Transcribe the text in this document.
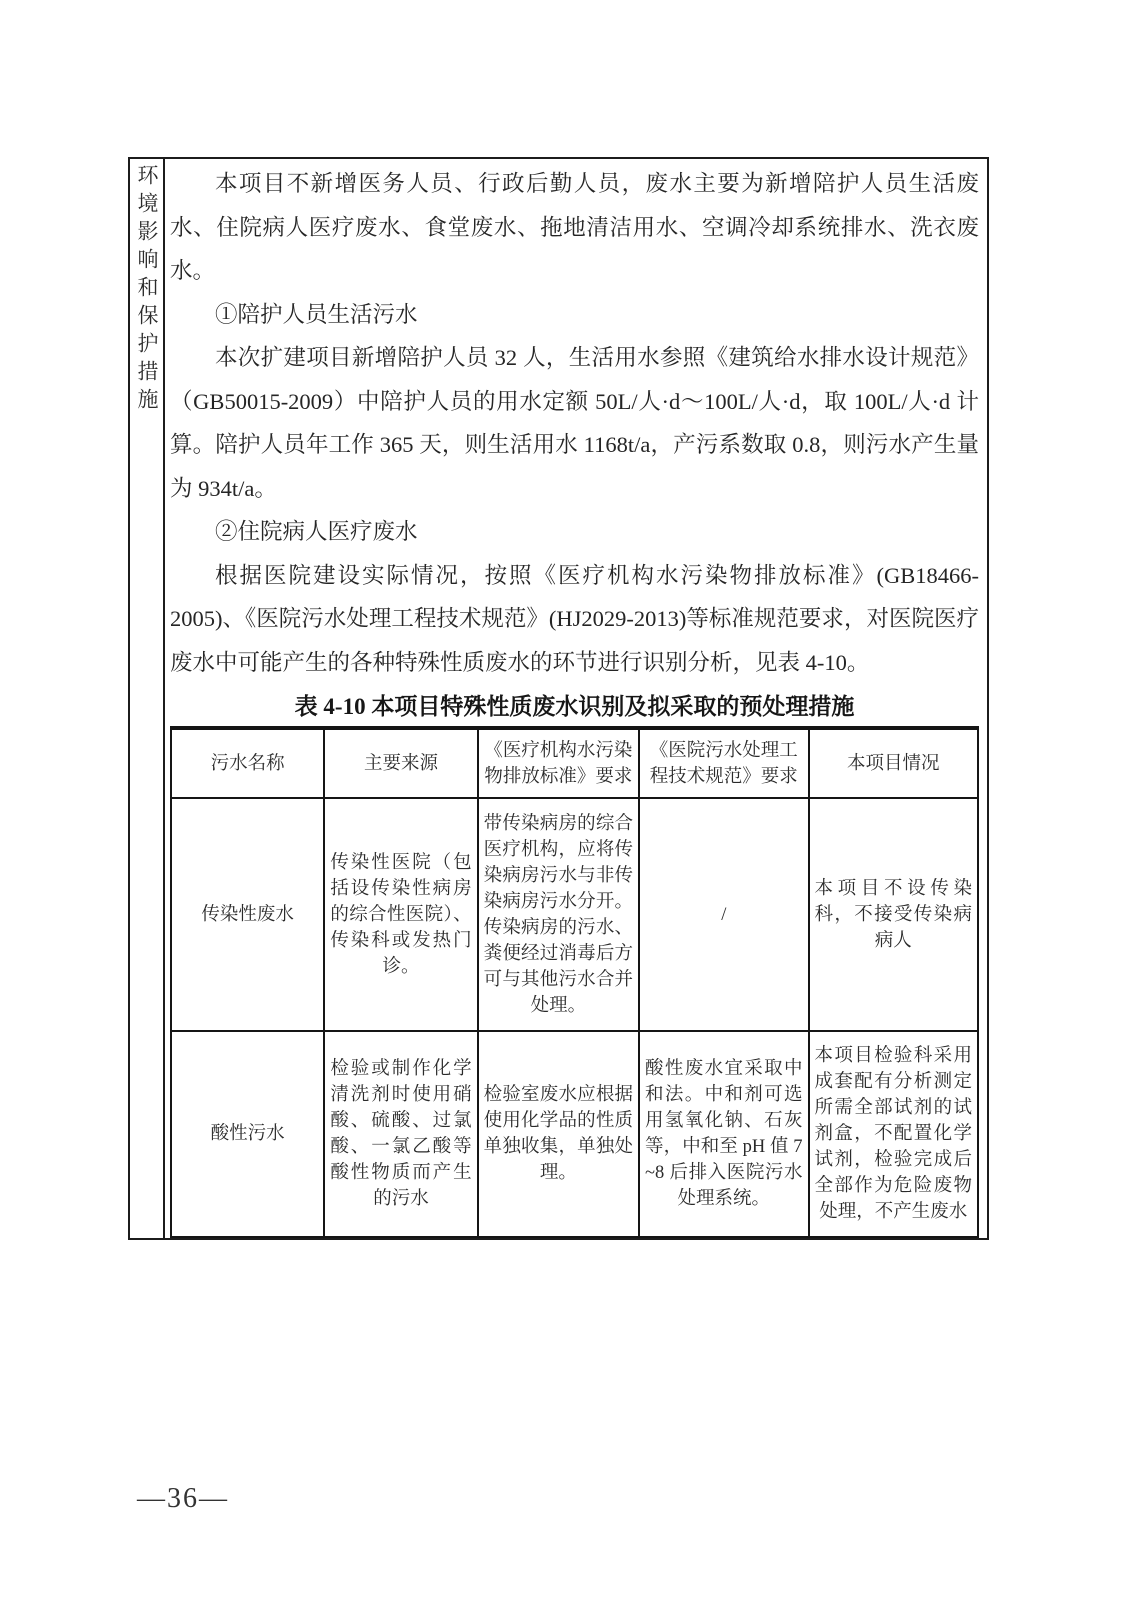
环境影响和保护措施	本项目不新增医务人员、行政后勤人员，废水主要为新增陪护人员生活废水、住院病人医疗废水、食堂废水、拖地清洁用水、空调冷却系统排水、洗衣废水。

①陪护人员生活污水

本次扩建项目新增陪护人员 32 人，生活用水参照《建筑给水排水设计规范》（GB50015-2009）中陪护人员的用水定额 50L/人·d～100L/人·d，取 100L/人·d 计算。陪护人员年工作 365 天，则生活用水 1168t/a，产污系数取 0.8，则污水产生量为 934t/a。

②住院病人医疗废水

根据医院建设实际情况，按照《医疗机构水污染物排放标准》(GB18466-2005)、《医院污水处理工程技术规范》(HJ2029-2013)等标准规范要求，对医院医疗废水中可能产生的各种特殊性质废水的环节进行识别分析，见表 4-10。

表 4-10 本项目特殊性质废水识别及拟采取的预处理措施
污水名称	主要来源	《医疗机构水污染物排放标准》要求	《医院污水处理工程技术规范》要求	本项目情况
传染性废水	传染性医院（包括设传染性病房的综合性医院）、传染科或发热门诊。	带传染病房的综合医疗机构，应将传染病房污水与非传染病房污水分开。传染病房的污水、粪便经过消毒后方可与其他污水合并处理。	/	本项目不设传染科，不接受传染病病人
酸性污水	检验或制作化学清洗剂时使用硝酸、硫酸、过氯酸、一氯乙酸等酸性物质而产生的污水	检验室废水应根据使用化学品的性质单独收集，单独处理。	酸性废水宜采取中和法。中和剂可选用氢氧化钠、石灰等，中和至 pH 值 7~8 后排入医院污水处理系统。	本项目检验科采用成套配有分析测定所需全部试剂的试剂盒，不配置化学试剂，检验完成后全部作为危险废物处理，不产生废水
—36—
